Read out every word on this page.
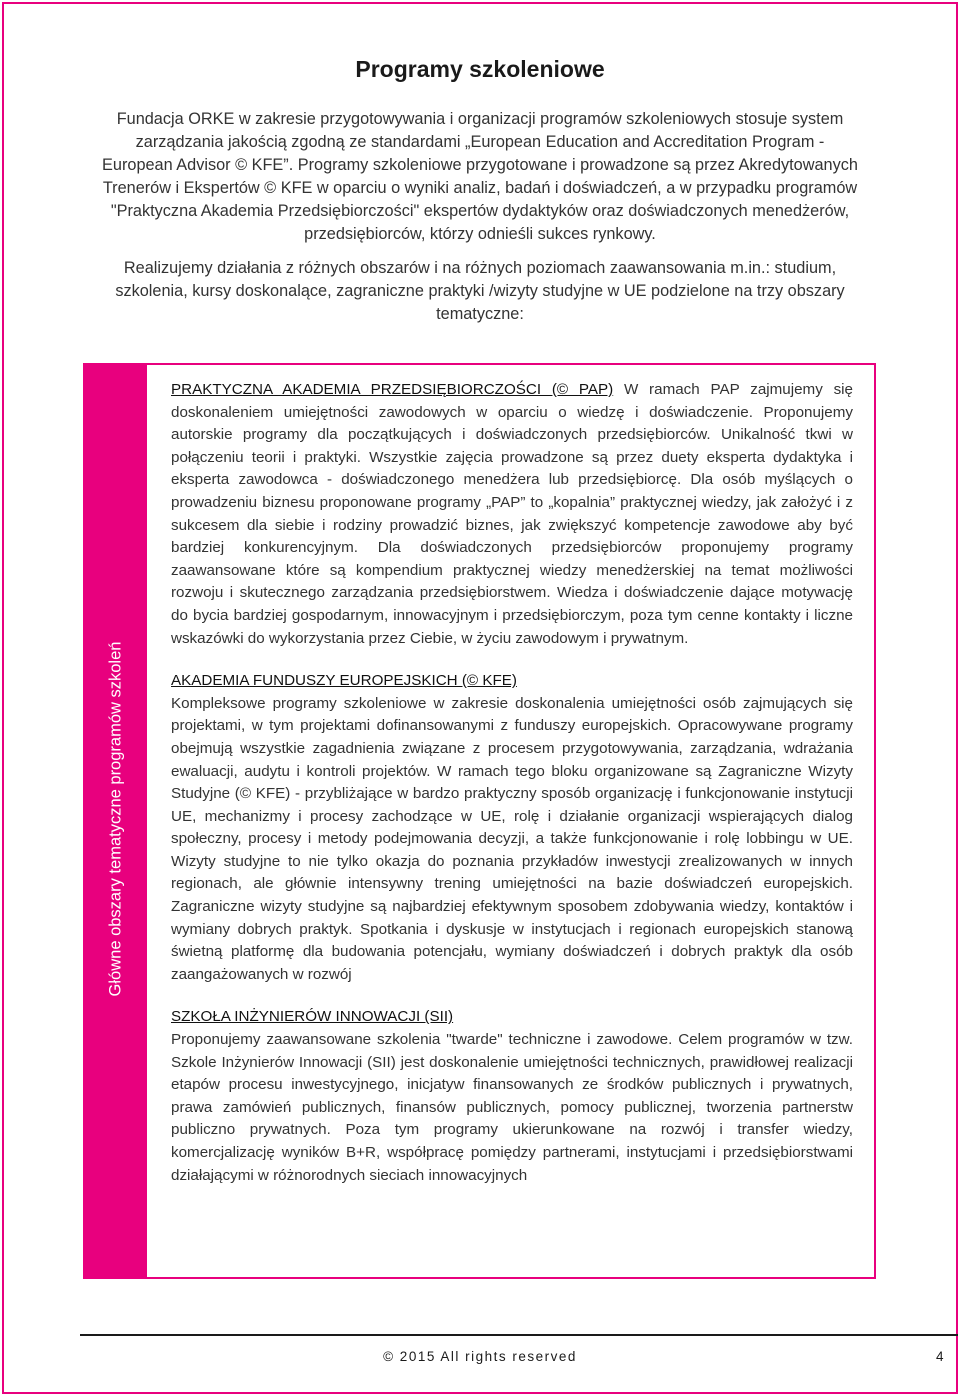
Programy szkoleniowe

Fundacja ORKE w zakresie przygotowywania i organizacji programów szkoleniowych stosuje system zarządzania jakością zgodną ze standardami „European Education and Accreditation Program - European Advisor © KFE”. Programy szkoleniowe przygotowane i prowadzone są przez Akredytowanych Trenerów i Ekspertów © KFE w oparciu o wyniki analiz, badań i doświadczeń, a w przypadku programów "Praktyczna Akademia Przedsiębiorczości" ekspertów dydaktyków oraz doświadczonych menedżerów, przedsiębiorców, którzy odnieśli sukces rynkowy.

Realizujemy działania z różnych obszarów i na różnych poziomach zaawansowania m.in.: studium, szkolenia, kursy doskonalące, zagraniczne praktyki /wizyty studyjne w UE podzielone na trzy obszary tematyczne:

Główne obszary tematyczne programów szkoleń
PRAKTYCZNA AKADEMIA PRZEDSIĘBIORCZOŚCI (© PAP) W ramach PAP zajmujemy się doskonaleniem umiejętności zawodowych w oparciu o wiedzę i doświadczenie. Proponujemy autorskie programy dla początkujących i doświadczonych przedsiębiorców. Unikalność tkwi w połączeniu teorii i praktyki. Wszystkie zajęcia prowadzone są przez duety eksperta dydaktyka i eksperta zawodowca - doświadczonego menedżera lub przedsiębiorcę. Dla osób myślących o prowadzeniu biznesu proponowane programy „PAP” to „kopalnia” praktycznej wiedzy, jak założyć i z sukcesem dla siebie i rodziny prowadzić biznes, jak zwiększyć kompetencje zawodowe aby być bardziej konkurencyjnym. Dla doświadczonych przedsiębiorców proponujemy programy zaawansowane które są kompendium praktycznej wiedzy menedżerskiej na temat możliwości rozwoju i skutecznego zarządzania przedsiębiorstwem. Wiedza i doświadczenie dające motywację do bycia bardziej gospodarnym, innowacyjnym i przedsiębiorczym, poza tym cenne kontakty i liczne wskazówki do wykorzystania przez Ciebie, w życiu zawodowym i prywatnym.
AKADEMIA FUNDUSZY EUROPEJSKICH (© KFE)
Kompleksowe programy szkoleniowe w zakresie doskonalenia umiejętności osób zajmujących się projektami, w tym projektami dofinansowanymi z funduszy europejskich. Opracowywane programy obejmują wszystkie zagadnienia związane z procesem przygotowywania, zarządzania, wdrażania ewaluacji, audytu i kontroli projektów. W ramach tego bloku organizowane są Zagraniczne Wizyty Studyjne (© KFE) - przybliżające w bardzo praktyczny sposób organizację i funkcjonowanie instytucji UE, mechanizmy i procesy zachodzące w UE, rolę i działanie organizacji wspierających dialog społeczny, procesy i metody podejmowania decyzji, a także funkcjonowanie i rolę lobbingu w UE. Wizyty studyjne to nie tylko okazja do poznania przykładów inwestycji zrealizowanych w innych regionach, ale głównie intensywny trening umiejętności na bazie doświadczeń europejskich. Zagraniczne wizyty studyjne są najbardziej efektywnym sposobem zdobywania wiedzy, kontaktów i wymiany dobrych praktyk. Spotkania i dyskusje w instytucjach i regionach europejskich stanową świetną platformę dla budowania potencjału, wymiany doświadczeń i dobrych praktyk dla osób zaangażowanych w rozwój
SZKOŁA INŻYNIERÓW INNOWACJI (SII)
Proponujemy zaawansowane szkolenia "twarde" techniczne i zawodowe. Celem programów w tzw. Szkole Inżynierów Innowacji (SII) jest doskonalenie umiejętności technicznych, prawidłowej realizacji etapów procesu inwestycyjnego, inicjatyw finansowanych ze środków publicznych i prywatnych, prawa zamówień publicznych, finansów publicznych, pomocy publicznej, tworzenia partnerstw publiczno prywatnych. Poza tym programy ukierunkowane na rozwój i transfer wiedzy, komercjalizację wyników B+R, współpracę pomiędzy partnerami, instytucjami i przedsiębiorstwami działającymi w różnorodnych sieciach innowacyjnych
© 2015 All rights reserved	4
